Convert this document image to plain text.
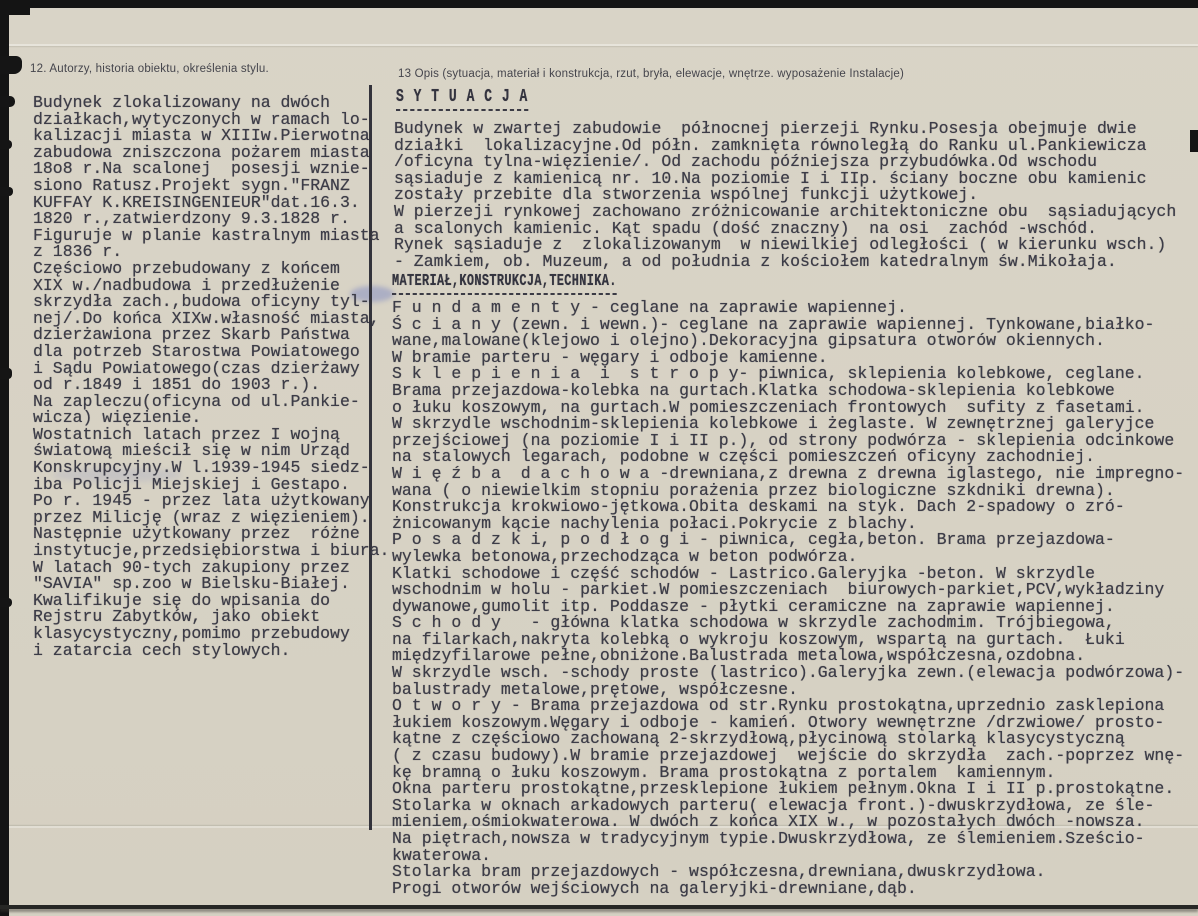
12. Autorzy, historia obiektu, określenia stylu.	13 Opis (sytuacja, materiał i konstrukcja, rzut, bryła, elewacje, wnętrze. wyposażenie Instalacje)
Budynek zlokalizowany na dwóch
działkach,wytyczonych w ramach lo-
kalizacji miasta w XIIIw.Pierwotna
zabudowa zniszczona pożarem miasta
18o8 r.Na scalonej  posesji wznie-
siono Ratusz.Projekt sygn."FRANZ
KUFFAY K.KREISINGENIEUR"dat.16.3.
1820 r.,zatwierdzony 9.3.1828 r.
Figuruje w planie kastralnym miasta
z 1836 r.
Częściowo przebudowany z końcem
XIX w./nadbudowa i przedłużenie
skrzydła zach.,budowa oficyny tyl-
nej/.Do końca XIXw.własność miasta,
dzierżawiona przez Skarb Państwa
dla potrzeb Starostwa Powiatowego
i Sądu Powiatowego(czas dzierżawy
od r.1849 i 1851 do 1903 r.).
Na zapleczu(oficyna od ul.Pankie-
wicza) więzienie.
Wostatnich latach przez I wojną
światową mieścił się w nim Urząd
Konskrupcyjny.W l.1939-1945 siedz-
iba Policji Miejskiej i Gestapo.
Po r. 1945 - przez lata użytkowany
przez Milicję (wraz z więzieniem).
Następnie użytkowany przez  różne
instytucje,przedsiębiorstwa i biura.
W latach 90-tych zakupiony przez
"SAVIA" sp.zoo w Bielsku-Białej.
Kwalifikuje się do wpisania do
Rejstru Zabytków, jako obiekt
klasycystyczny,pomimo przebudowy
i zatarcia cech stylowych.
S Y T U A C J A
Budynek w zwartej zabudowie  północnej pierzeji Rynku.Posesja obejmuje dwie
działki  lokalizacyjne.Od półn. zamknięta równoległą do Ranku ul.Pankiewicza
/oficyna tylna-więzienie/. Od zachodu późniejsza przybudówka.Od wschodu
sąsiaduje z kamienicą nr. 10.Na poziomie I i IIp. ściany boczne obu kamienic
zostały przebite dla stworzenia wspólnej funkcji użytkowej.
W pierzeji rynkowej zachowano zróżnicowanie architektoniczne obu  sąsiadujących
a scalonych kamienic. Kąt spadu (dość znaczny)  na osi  zachód -wschód.
Rynek sąsiaduje z  zlokalizowanym  w niewilkiej odległości ( w kierunku wsch.)
- Zamkiem, ob. Muzeum, a od południa z kościołem katedralnym św.Mikołaja.
MATERIAŁ,KONSTRUKCJA,TECHNIKA.
F u n d a m e n t y - ceglane na zaprawie wapiennej.
Ś c i a n y (zewn. i wewn.)- ceglane na zaprawie wapiennej. Tynkowane,białko-
wane,malowane(klejowo i olejno).Dekoracyjna gipsatura otworów okiennych.
W bramie parteru - węgary i odboje kamienne.
S k l e p i e n i a  i  s t r o p y- piwnica, sklepienia kolebkowe, ceglane.
Brama przejazdowa-kolebka na gurtach.Klatka schodowa-sklepienia kolebkowe
o łuku koszowym, na gurtach.W pomieszczeniach frontowych  sufity z fasetami.
W skrzydle wschodnim-sklepienia kolebkowe i żeglaste. W zewnętrznej galeryjce
przejściowej (na poziomie I i II p.), od strony podwórza - sklepienia odcinkowe
na stalowych legarach, podobne w części pomieszczeń oficyny zachodniej.
W i ę ź b a  d a c h o w a -drewniana,z drewna z drewna iglastego, nie impregno-
wana ( o niewielkim stopniu porażenia przez biologiczne szkdniki drewna).
Konstrukcja krokwiowo-jętkowa.Obita deskami na styk. Dach 2-spadowy o zró-
żnicowanym kącie nachylenia połaci.Pokrycie z blachy.
P o s a d z k i, p o d ł o g i - piwnica, cegła,beton. Brama przejazdowa-
wylewka betonowa,przechodząca w beton podwórza.
Klatki schodowe i część schodów - Lastrico.Galeryjka -beton. W skrzydle
wschodnim w holu - parkiet.W pomieszczeniach  biurowych-parkiet,PCV,wykładziny
dywanowe,gumolit itp. Poddasze - płytki ceramiczne na zaprawie wapiennej.
S c h o d y   - główna klatka schodowa w skrzydle zachodmim. Trójbiegowa,
na filarkach,nakryta kolebką o wykroju koszowym, wspartą na gurtach.  Łuki
międzyfilarowe pełne,obniżone.Balustrada metalowa,współczesna,ozdobna.
W skrzydle wsch. -schody proste (lastrico).Galeryjka zewn.(elewacja podwórzowa)-
balustrady metalowe,prętowe, współczesne.
O t w o r y - Brama przejazdowa od str.Rynku prostokątna,uprzednio zasklepiona
łukiem koszowym.Węgary i odboje - kamień. Otwory wewnętrzne /drzwiowe/ prosto-
kątne z częściowo zachowaną 2-skrzydłową,płycinową stolarką klasycystyczną
( z czasu budowy).W bramie przejazdowej  wejście do skrzydła  zach.-poprzez wnę-
kę bramną o łuku koszowym. Brama prostokątna z portalem  kamiennym.
Okna parteru prostokątne,przesklepione łukiem pełnym.Okna I i II p.prostokątne.
Stolarka w oknach arkadowych parteru( elewacja front.)-dwuskrzydłowa, ze śle-
mieniem,ośmiokwaterowa. W dwóch z końca XIX w., w pozostałych dwóch -nowsza.
Na piętrach,nowsza w tradycyjnym typie.Dwuskrzydłowa, ze ślemieniem.Sześcio-
kwaterowa.
Stolarka bram przejazdowych - współczesna,drewniana,dwuskrzydłowa.
Progi otworów wejściowych na galeryjki-drewniane,dąb.
